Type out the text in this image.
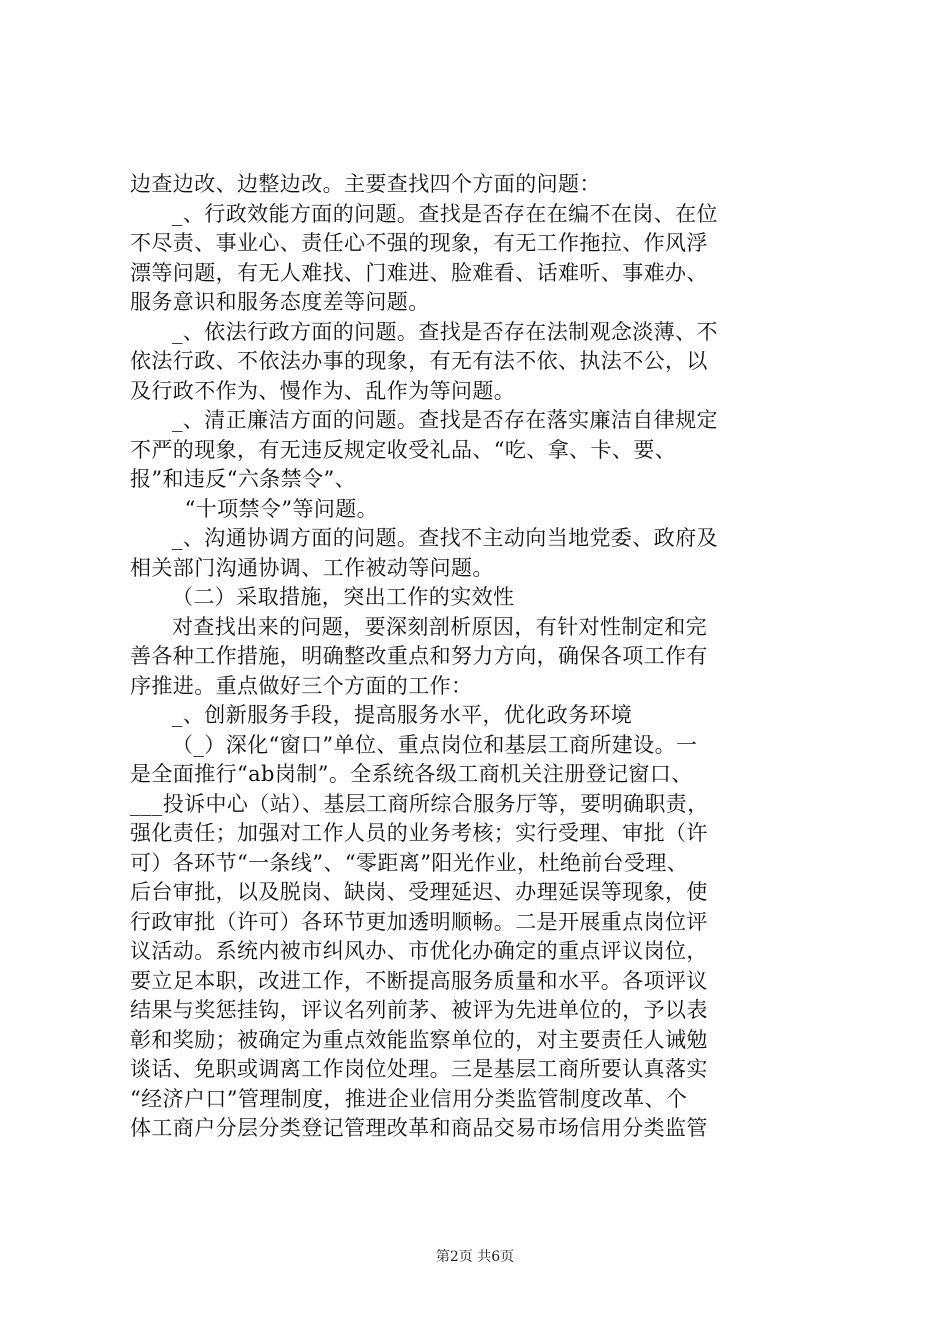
边查边改、边整边改。主要查找四个方面的问题：
_、行政效能方面的问题。查找是否存在在编不在岗、在位
不尽责、事业心、责任心不强的现象，有无工作拖拉、作风浮
漂等问题，有无人难找、门难进、脸难看、话难听、事难办、
服务意识和服务态度差等问题。
_、依法行政方面的问题。查找是否存在法制观念淡薄、不
依法行政、不依法办事的现象，有无有法不依、执法不公，以
及行政不作为、慢作为、乱作为等问题。
_、清正廉洁方面的问题。查找是否存在落实廉洁自律规定
不严的现象，有无违反规定收受礼品、“吃、拿、卡、要、
报”和违反“六条禁令”、
“十项禁令”等问题。
_、沟通协调方面的问题。查找不主动向当地党委、政府及
相关部门沟通协调、工作被动等问题。
（二）采取措施，突出工作的实效性
对查找出来的问题，要深刻剖析原因，有针对性制定和完
善各种工作措施，明确整改重点和努力方向，确保各项工作有
序推进。重点做好三个方面的工作：
_、创新服务手段，提高服务水平，优化政务环境
（_）深化“窗口”单位、重点岗位和基层工商所建设。一
是全面推行“ab岗制”。全系统各级工商机关注册登记窗口、
___投诉中心（站）、基层工商所综合服务厅等，要明确职责，
强化责任；加强对工作人员的业务考核；实行受理、审批（许
可）各环节“一条线”、“零距离”阳光作业，杜绝前台受理、
后台审批，以及脱岗、缺岗、受理延迟、办理延误等现象，使
行政审批（许可）各环节更加透明顺畅。二是开展重点岗位评
议活动。系统内被市纠风办、市优化办确定的重点评议岗位，
要立足本职，改进工作，不断提高服务质量和水平。各项评议
结果与奖惩挂钩，评议名列前茅、被评为先进单位的，予以表
彰和奖励；被确定为重点效能监察单位的，对主要责任人诫勉
谈话、免职或调离工作岗位处理。三是基层工商所要认真落实
“经济户口”管理制度，推进企业信用分类监管制度改革、个
体工商户分层分类登记管理改革和商品交易市场信用分类监管
第2页 共6页
